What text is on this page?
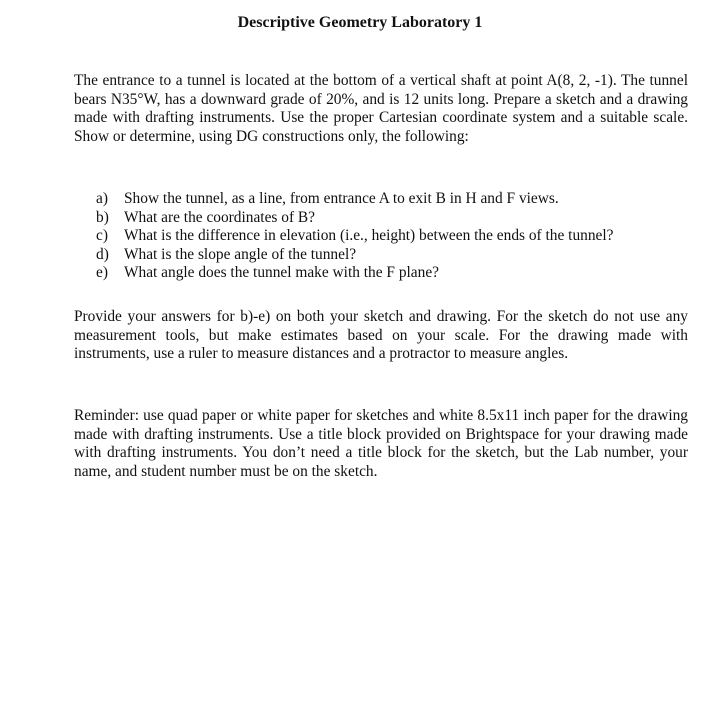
Descriptive Geometry Laboratory 1

The entrance to a tunnel is located at the bottom of a vertical shaft at point A(8, 2, -1). The tunnel bears N35°W, has a downward grade of 20%, and is 12 units long. Prepare a sketch and a drawing made with drafting instruments. Use the proper Cartesian coordinate system and a suitable scale. Show or determine, using DG constructions only, the following:

a) Show the tunnel, as a line, from entrance A to exit B in H and F views.
b) What are the coordinates of B?
c) What is the difference in elevation (i.e., height) between the ends of the tunnel?
d) What is the slope angle of the tunnel?
e) What angle does the tunnel make with the F plane?

Provide your answers for b)-e) on both your sketch and drawing. For the sketch do not use any measurement tools, but make estimates based on your scale. For the drawing made with instruments, use a ruler to measure distances and a protractor to measure angles.

Reminder: use quad paper or white paper for sketches and white 8.5x11 inch paper for the drawing made with drafting instruments. Use a title block provided on Brightspace for your drawing made with drafting instruments. You don’t need a title block for the sketch, but the Lab number, your name, and student number must be on the sketch.
